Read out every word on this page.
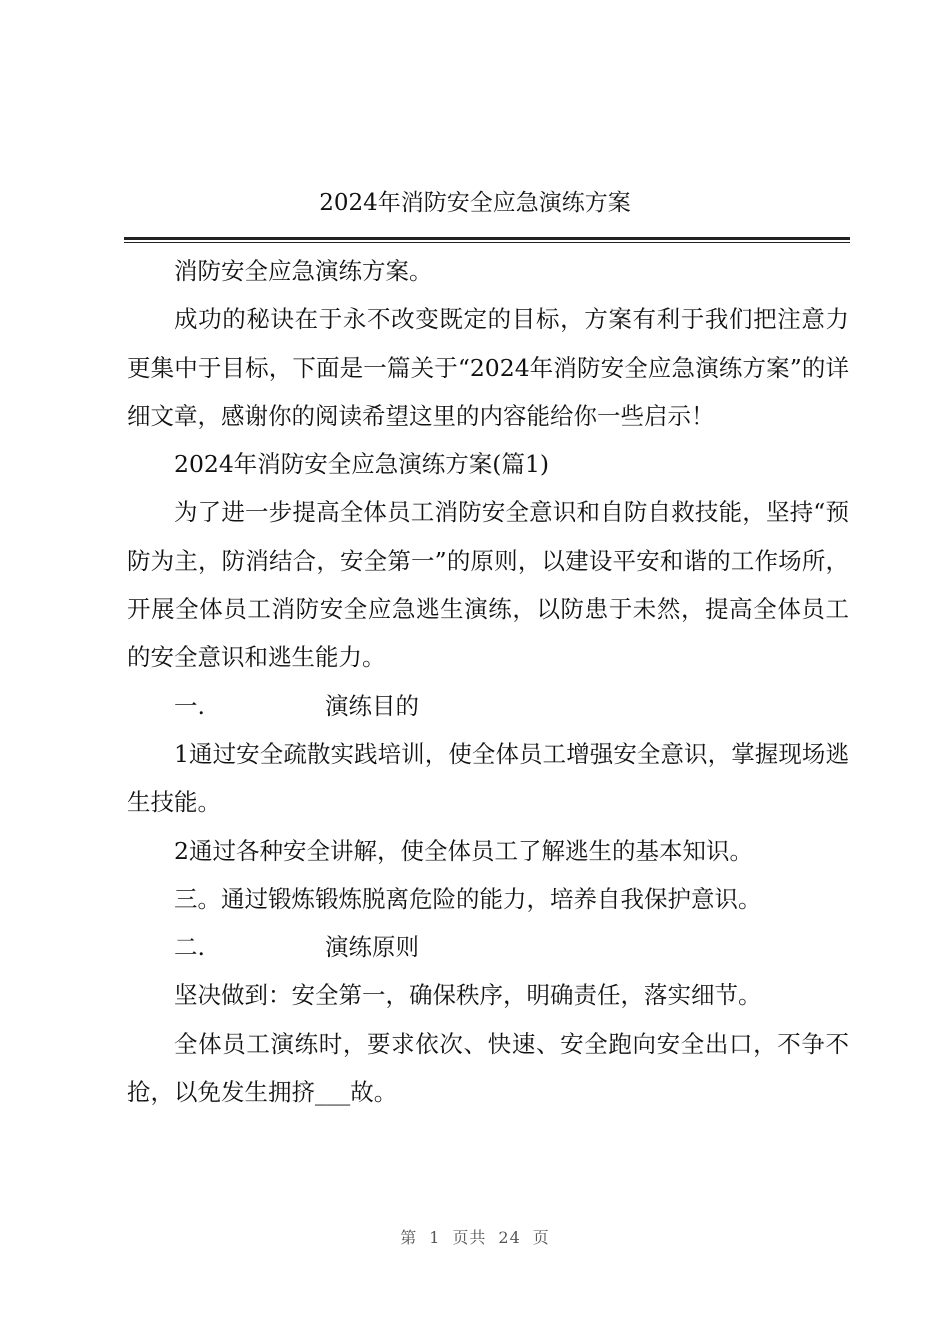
2024年消防安全应急演练方案

消防安全应急演练方案。

成功的秘诀在于永不改变既定的目标，方案有利于我们把注意力更集中于目标，下面是一篇关于“2024年消防安全应急演练方案”的详细文章，感谢你的阅读希望这里的内容能给你一些启示！

2024年消防安全应急演练方案(篇1)

为了进一步提高全体员工消防安全意识和自防自救技能，坚持“预防为主，防消结合，安全第一”的原则，以建设平安和谐的工作场所，开展全体员工消防安全应急逃生演练，以防患于未然，提高全体员工的安全意识和逃生能力。

一.	演练目的

1通过安全疏散实践培训，使全体员工增强安全意识，掌握现场逃生技能。

2通过各种安全讲解，使全体员工了解逃生的基本知识。

三。通过锻炼锻炼脱离危险的能力，培养自我保护意识。

二.	演练原则

坚决做到：安全第一，确保秩序，明确责任，落实细节。

全体员工演练时，要求依次、快速、安全跑向安全出口，不争不抢，以免发生拥挤___故。

第 1 页共 24 页
